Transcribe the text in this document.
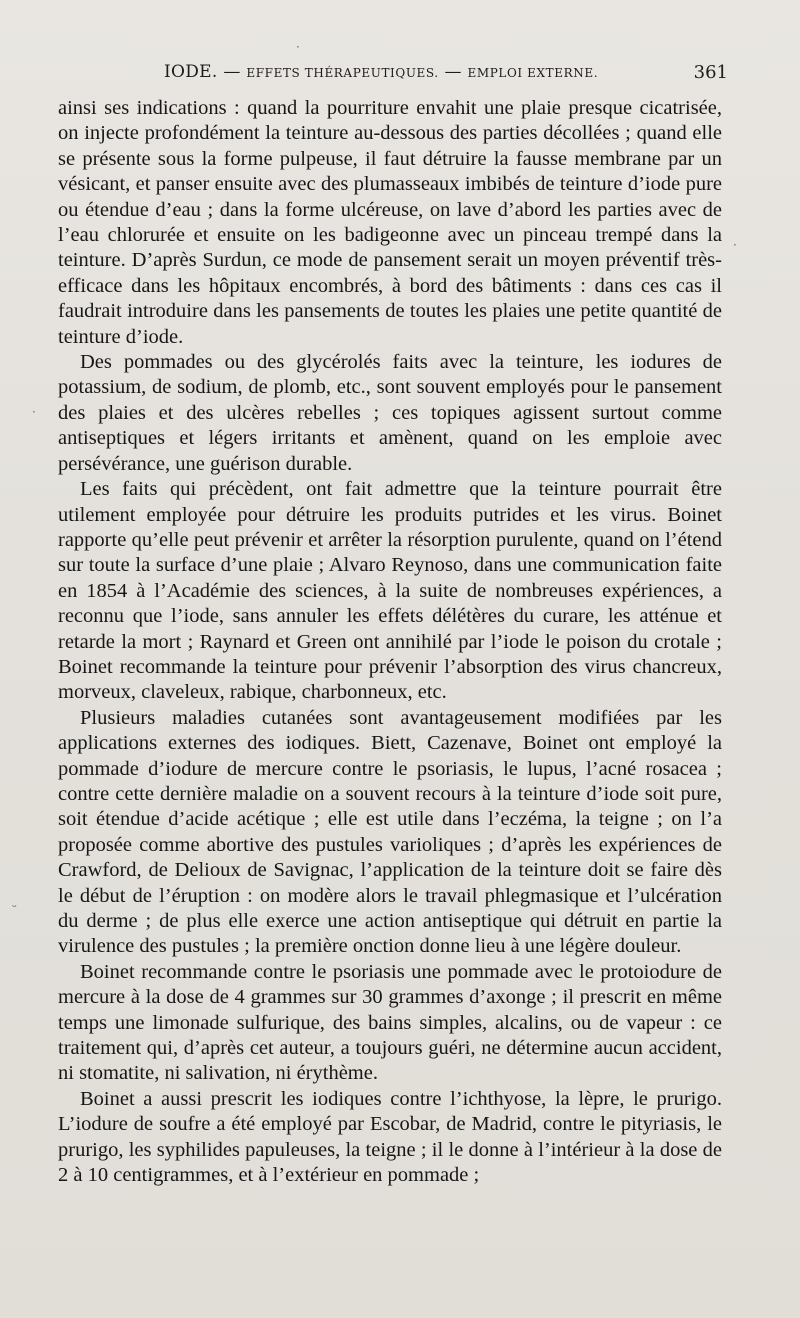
IODE. — EFFETS THÉRAPEUTIQUES. — EMPLOI EXTERNE.	361

ainsi ses indications : quand la pourriture envahit une plaie presque cicatrisée, on injecte profondément la teinture au-dessous des parties décollées ; quand elle se présente sous la forme pulpeuse, il faut détruire la fausse membrane par un vésicant, et panser ensuite avec des plumasseaux imbibés de teinture d’iode pure ou étendue d’eau ; dans la forme ulcéreuse, on lave d’abord les parties avec de l’eau chlorurée et ensuite on les badigeonne avec un pinceau trempé dans la teinture. D’après Surdun, ce mode de pansement serait un moyen préventif très-efficace dans les hôpitaux encombrés, à bord des bâtiments : dans ces cas il faudrait introduire dans les pansements de toutes les plaies une petite quantité de teinture d’iode.

Des pommades ou des glycérolés faits avec la teinture, les iodures de potassium, de sodium, de plomb, etc., sont souvent employés pour le pansement des plaies et des ulcères rebelles ; ces topiques agissent surtout comme antiseptiques et légers irritants et amènent, quand on les emploie avec persévérance, une guérison durable.

Les faits qui précèdent, ont fait admettre que la teinture pourrait être utilement employée pour détruire les produits putrides et les virus. Boinet rapporte qu’elle peut prévenir et arrêter la résorption purulente, quand on l’étend sur toute la surface d’une plaie ; Alvaro Reynoso, dans une communication faite en 1854 à l’Académie des sciences, à la suite de nombreuses expériences, a reconnu que l’iode, sans annuler les effets délétères du curare, les atténue et retarde la mort ; Raynard et Green ont annihilé par l’iode le poison du crotale ; Boinet recommande la teinture pour prévenir l’absorption des virus chancreux, morveux, claveleux, rabique, charbonneux, etc.

Plusieurs maladies cutanées sont avantageusement modifiées par les applications externes des iodiques. Biett, Cazenave, Boinet ont employé la pommade d’iodure de mercure contre le psoriasis, le lupus, l’acné rosacea ; contre cette dernière maladie on a souvent recours à la teinture d’iode soit pure, soit étendue d’acide acétique ; elle est utile dans l’eczéma, la teigne ; on l’a proposée comme abortive des pustules varioliques ; d’après les expériences de Crawford, de Delioux de Savignac, l’application de la teinture doit se faire dès le début de l’éruption : on modère alors le travail phlegmasique et l’ulcération du derme ; de plus elle exerce une action antiseptique qui détruit en partie la virulence des pustules ; la première onction donne lieu à une légère douleur.

Boinet recommande contre le psoriasis une pommade avec le protoiodure de mercure à la dose de 4 grammes sur 30 grammes d’axonge ; il prescrit en même temps une limonade sulfurique, des bains simples, alcalins, ou de vapeur : ce traitement qui, d’après cet auteur, a toujours guéri, ne détermine aucun accident, ni stomatite, ni salivation, ni érythème.

Boinet a aussi prescrit les iodiques contre l’ichthyose, la lèpre, le prurigo. L’iodure de soufre a été employé par Escobar, de Madrid, contre le pityriasis, le prurigo, les syphilides papuleuses, la teigne ; il le donne à l’intérieur à la dose de 2 à 10 centigrammes, et à l’extérieur en pommade ;

·
·
·
ᵕ
